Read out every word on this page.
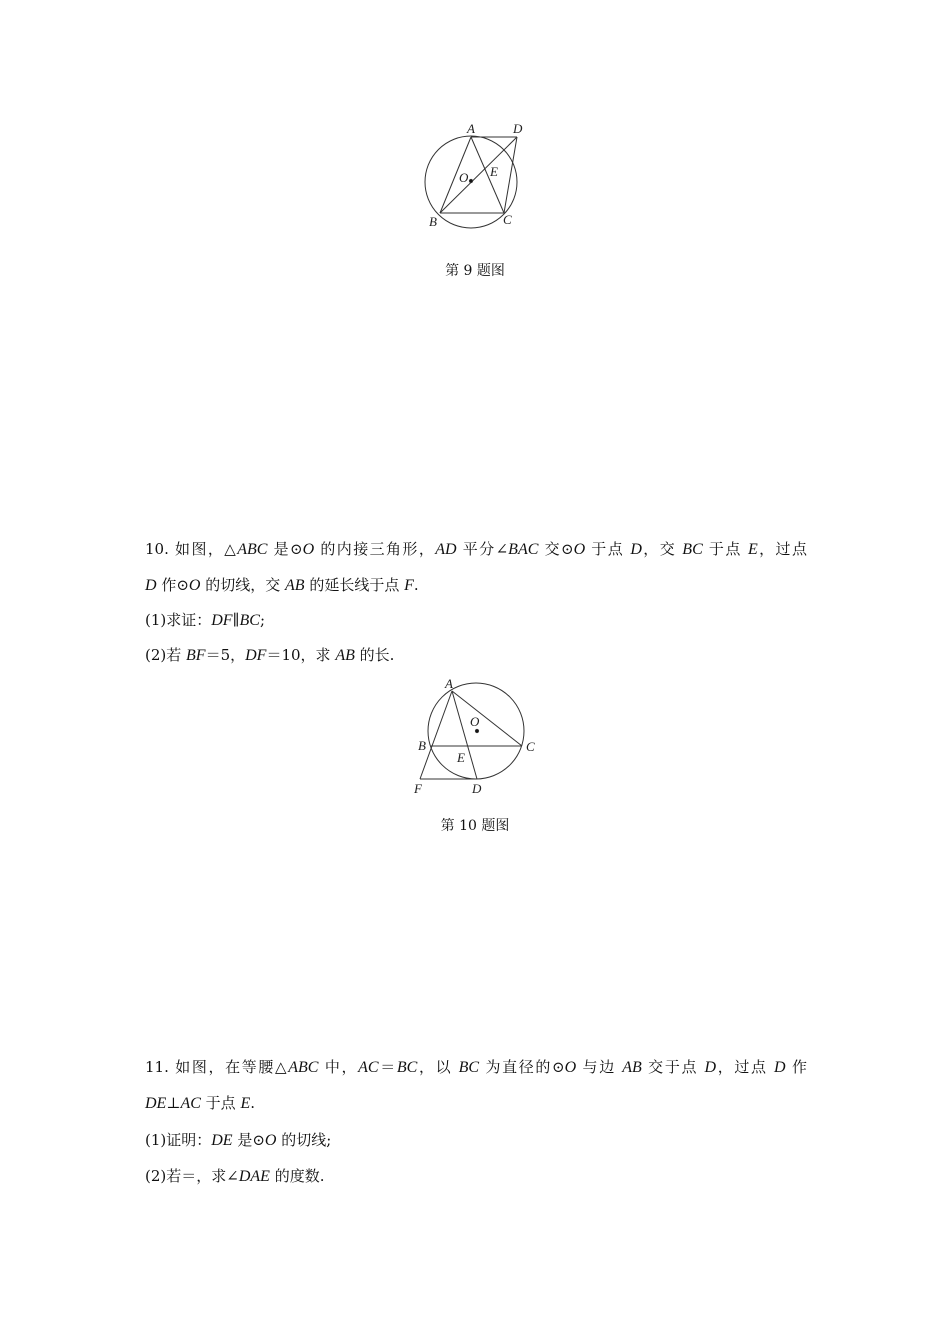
A	D
O E
B	C
A
O
B	C
E
F	D
第 9 题图
10. 如图，△ABC 是⊙O 的内接三角形，AD 平分∠BAC 交⊙O 于点 D，交 BC 于点 E，过点
D 作⊙O 的切线，交 AB 的延长线于点 F.
(1)求证：DF∥BC;
(2)若 BF＝5，DF＝10，求 AB 的长.
第 10 题图
11. 如图，在等腰△ABC 中，AC＝BC，以 BC 为直径的⊙O 与边 AB 交于点 D，过点 D 作
DE⊥AC 于点 E.
(1)证明：DE 是⊙O 的切线;
(2)若＝，求∠DAE 的度数.
